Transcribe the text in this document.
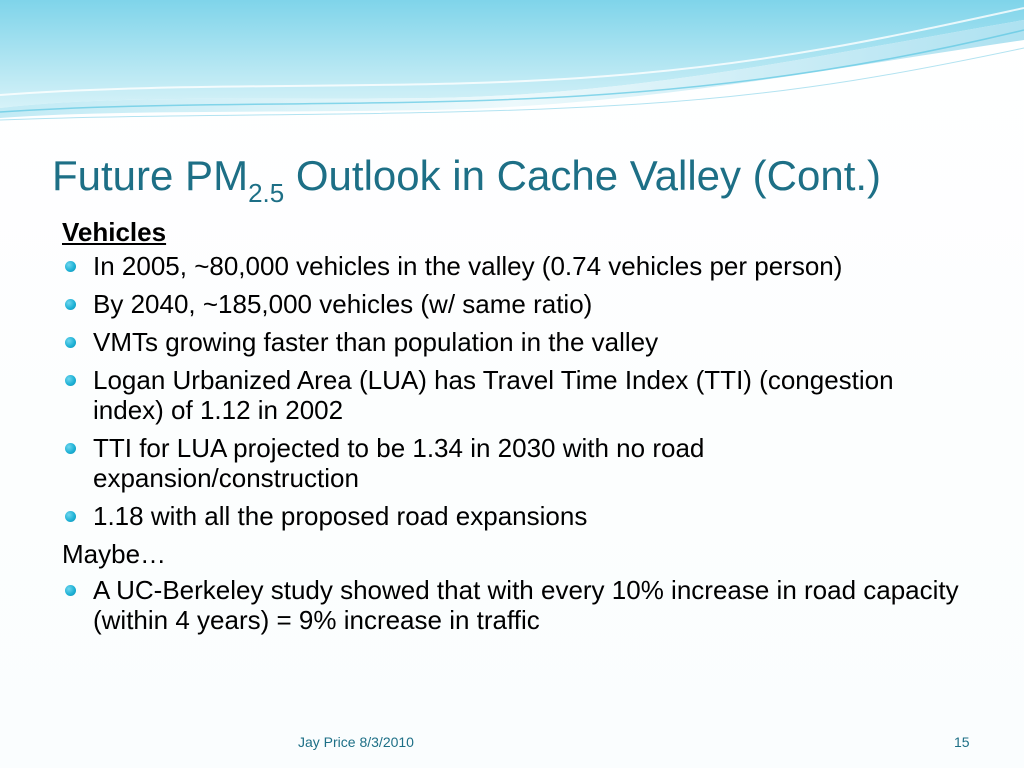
Future $PM_{2.5}$ Outlook in Cache Valley (Cont.)
Vehicles
In 2005, ~80,000 vehicles in the valley (0.74 vehicles per person)
By 2040, ~185,000 vehicles (w/ same ratio)
VMTs growing faster than population in the valley
Logan Urbanized Area (LUA) has Travel Time Index (TTI) (congestion index) of 1.12 in 2002
TTI for LUA projected to be 1.34 in 2030 with no road expansion/construction
1.18 with all the proposed road expansions
Maybe…
A UC-Berkeley study showed that with every 10% increase in road capacity (within 4 years) = 9% increase in traffic
Jay Price 8/3/2010	15
